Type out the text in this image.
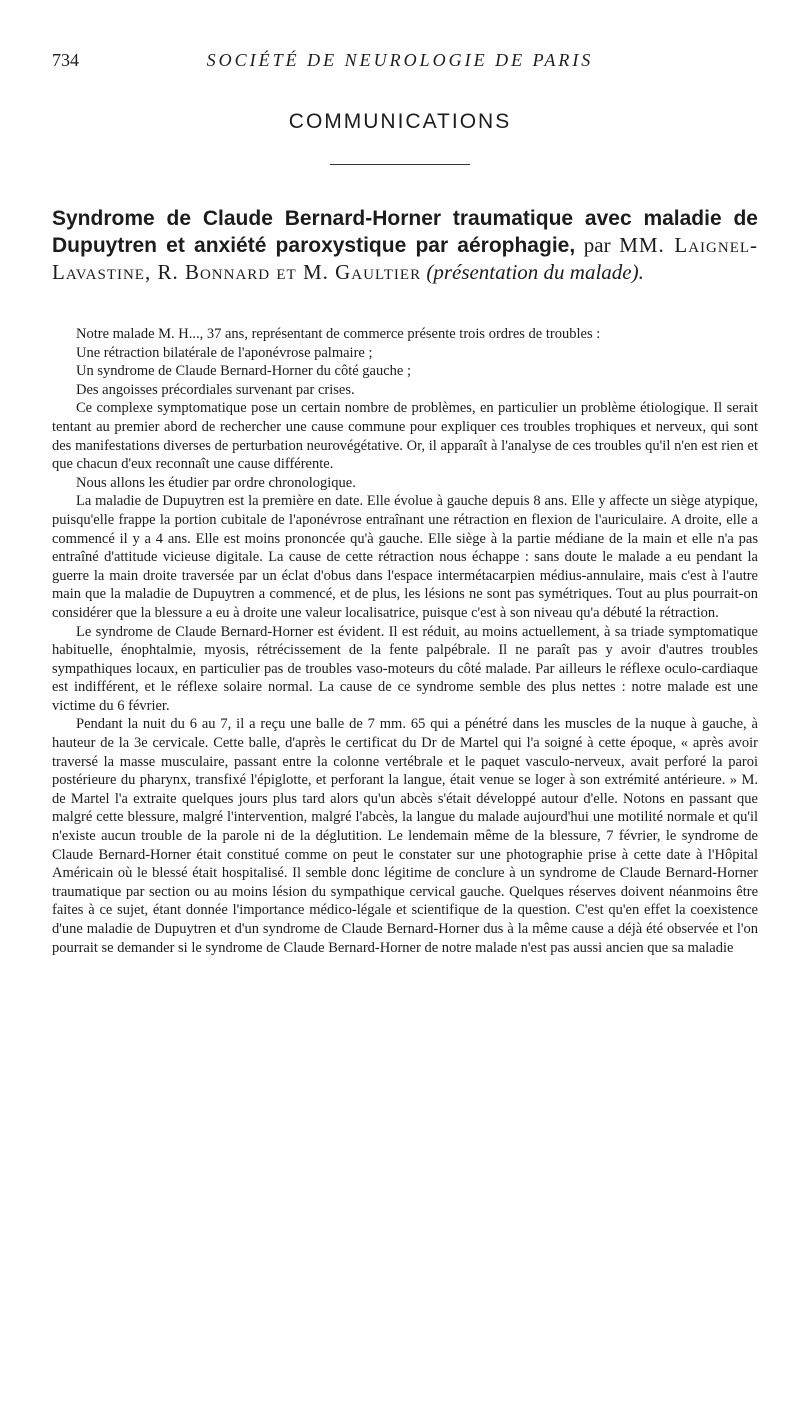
734	SOCIÉTÉ DE NEUROLOGIE DE PARIS
COMMUNICATIONS
Syndrome de Claude Bernard-Horner traumatique avec maladie de Dupuytren et anxiété paroxystique par aérophagie, par MM. Laignel-Lavastine, R. Bonnard et M. Gaultier (présentation du malade).

Notre malade M. H..., 37 ans, représentant de commerce présente trois ordres de troubles :

Une rétraction bilatérale de l'aponévrose palmaire ;

Un syndrome de Claude Bernard-Horner du côté gauche ;

Des angoisses précordiales survenant par crises.

Ce complexe symptomatique pose un certain nombre de problèmes, en particulier un problème étiologique. Il serait tentant au premier abord de rechercher une cause commune pour expliquer ces troubles trophiques et nerveux, qui sont des manifestations diverses de perturbation neurovégétative. Or, il apparaît à l'analyse de ces troubles qu'il n'en est rien et que chacun d'eux reconnaît une cause différente.

Nous allons les étudier par ordre chronologique.

La maladie de Dupuytren est la première en date. Elle évolue à gauche depuis 8 ans. Elle y affecte un siège atypique, puisqu'elle frappe la portion cubitale de l'aponévrose entraînant une rétraction en flexion de l'auriculaire. A droite, elle a commencé il y a 4 ans. Elle est moins prononcée qu'à gauche. Elle siège à la partie médiane de la main et elle n'a pas entraîné d'attitude vicieuse digitale. La cause de cette rétraction nous échappe : sans doute le malade a eu pendant la guerre la main droite traversée par un éclat d'obus dans l'espace intermétacarpien médius-annulaire, mais c'est à l'autre main que la maladie de Dupuytren a commencé, et de plus, les lésions ne sont pas symétriques. Tout au plus pourrait-on considérer que la blessure a eu à droite une valeur localisatrice, puisque c'est à son niveau qu'a débuté la rétraction.

Le syndrome de Claude Bernard-Horner est évident. Il est réduit, au moins actuellement, à sa triade symptomatique habituelle, énophtalmie, myosis, rétrécissement de la fente palpébrale. Il ne paraît pas y avoir d'autres troubles sympathiques locaux, en particulier pas de troubles vaso-moteurs du côté malade. Par ailleurs le réflexe oculo-cardiaque est indifférent, et le réflexe solaire normal. La cause de ce syndrome semble des plus nettes : notre malade est une victime du 6 février.

Pendant la nuit du 6 au 7, il a reçu une balle de 7 mm. 65 qui a pénétré dans les muscles de la nuque à gauche, à hauteur de la 3e cervicale. Cette balle, d'après le certificat du Dr de Martel qui l'a soigné à cette époque, « après avoir traversé la masse musculaire, passant entre la colonne vertébrale et le paquet vasculo-nerveux, avait perforé la paroi postérieure du pharynx, transfixé l'épiglotte, et perforant la langue, était venue se loger à son extrémité antérieure. » M. de Martel l'a extraite quelques jours plus tard alors qu'un abcès s'était développé autour d'elle. Notons en passant que malgré cette blessure, malgré l'intervention, malgré l'abcès, la langue du malade aujourd'hui une motilité normale et qu'il n'existe aucun trouble de la parole ni de la déglutition. Le lendemain même de la blessure, 7 février, le syndrome de Claude Bernard-Horner était constitué comme on peut le constater sur une photographie prise à cette date à l'Hôpital Américain où le blessé était hospitalisé. Il semble donc légitime de conclure à un syndrome de Claude Bernard-Horner traumatique par section ou au moins lésion du sympathique cervical gauche. Quelques réserves doivent néanmoins être faites à ce sujet, étant donnée l'importance médico-légale et scientifique de la question. C'est qu'en effet la coexistence d'une maladie de Dupuytren et d'un syndrome de Claude Bernard-Horner dus à la même cause a déjà été observée et l'on pourrait se demander si le syndrome de Claude Bernard-Horner de notre malade n'est pas aussi ancien que sa maladie
